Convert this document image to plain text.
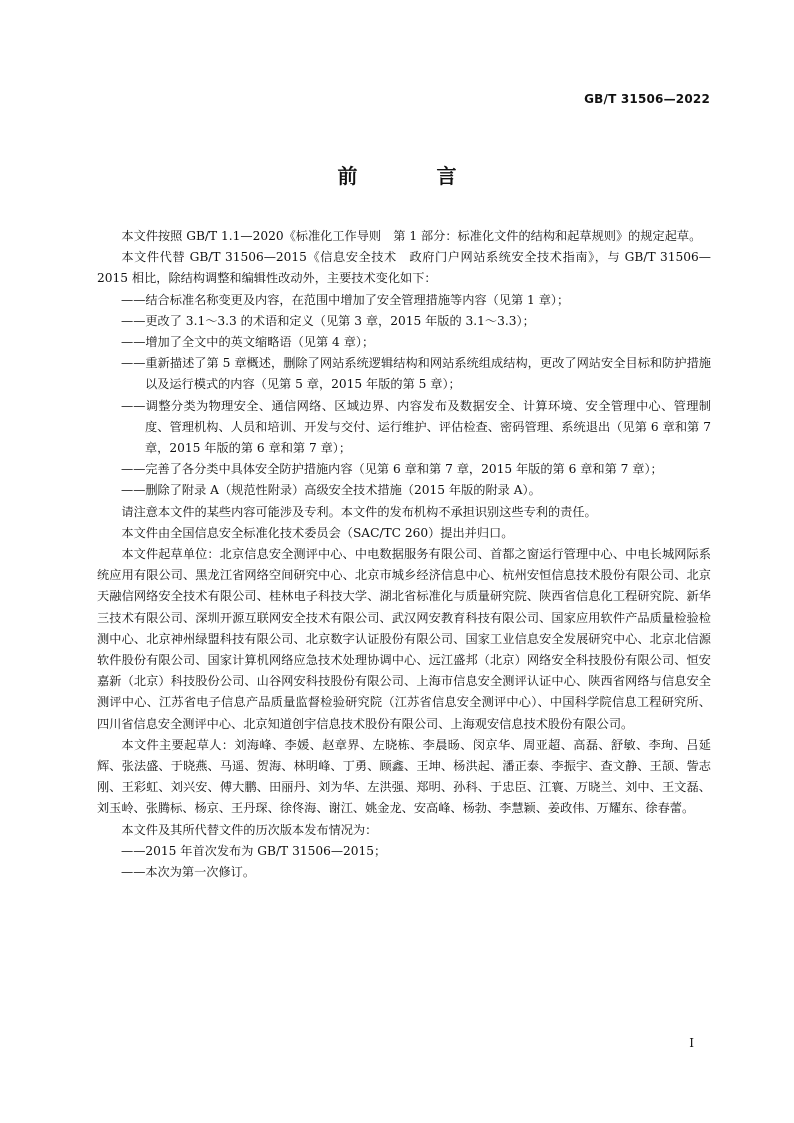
GB/T 31506—2022
前 言

本文件按照 GB/T 1.1—2020《标准化工作导则　第 1 部分：标准化文件的结构和起草规则》的规定起草。

本文件代替 GB/T 31506—2015《信息安全技术　政府门户网站系统安全技术指南》，与 GB/T 31506—2015 相比，除结构调整和编辑性改动外，主要技术变化如下：

——结合标准名称变更及内容，在范围中增加了安全管理措施等内容（见第 1 章）；

——更改了 3.1～3.3 的术语和定义（见第 3 章，2015 年版的 3.1～3.3）；

——增加了全文中的英文缩略语（见第 4 章）；

——重新描述了第 5 章概述，删除了网站系统逻辑结构和网站系统组成结构，更改了网站安全目标和防护措施以及运行模式的内容（见第 5 章，2015 年版的第 5 章）；

——调整分类为物理安全、通信网络、区域边界、内容发布及数据安全、计算环境、安全管理中心、管理制度、管理机构、人员和培训、开发与交付、运行维护、评估检查、密码管理、系统退出（见第 6 章和第 7 章，2015 年版的第 6 章和第 7 章）；

——完善了各分类中具体安全防护措施内容（见第 6 章和第 7 章，2015 年版的第 6 章和第 7 章）；

——删除了附录 A（规范性附录）高级安全技术措施（2015 年版的附录 A）。

请注意本文件的某些内容可能涉及专利。本文件的发布机构不承担识别这些专利的责任。

本文件由全国信息安全标准化技术委员会（SAC/TC 260）提出并归口。

本文件起草单位：北京信息安全测评中心、中电数据服务有限公司、首都之窗运行管理中心、中电长城网际系统应用有限公司、黑龙江省网络空间研究中心、北京市城乡经济信息中心、杭州安恒信息技术股份有限公司、北京天融信网络安全技术有限公司、桂林电子科技大学、湖北省标准化与质量研究院、陕西省信息化工程研究院、新华三技术有限公司、深圳开源互联网安全技术有限公司、武汉网安教育科技有限公司、国家应用软件产品质量检验检测中心、北京神州绿盟科技有限公司、北京数字认证股份有限公司、国家工业信息安全发展研究中心、北京北信源软件股份有限公司、国家计算机网络应急技术处理协调中心、远江盛邦（北京）网络安全科技股份有限公司、恒安嘉新（北京）科技股份公司、山谷网安科技股份有限公司、上海市信息安全测评认证中心、陕西省网络与信息安全测评中心、江苏省电子信息产品质量监督检验研究院（江苏省信息安全测评中心）、中国科学院信息工程研究所、四川省信息安全测评中心、北京知道创宇信息技术股份有限公司、上海观安信息技术股份有限公司。

本文件主要起草人：刘海峰、李媛、赵章界、左晓栋、李晨旸、闵京华、周亚超、高磊、舒敏、李珣、吕延辉、张法盛、于晓燕、马遥、贺海、林明峰、丁勇、顾鑫、王坤、杨洪起、潘正泰、李振宇、查文静、王颉、訾志刚、王彩虹、刘兴安、傅大鹏、田丽丹、刘为华、左洪强、郑明、孙科、于忠臣、江寰、万晓兰、刘中、王文磊、刘玉岭、张腾标、杨京、王丹琛、徐佟海、谢江、姚金龙、安高峰、杨勃、李慧颖、姜政伟、万耀东、徐春蕾。

本文件及其所代替文件的历次版本发布情况为：

——2015 年首次发布为 GB/T 31506—2015；

——本次为第一次修订。

I
